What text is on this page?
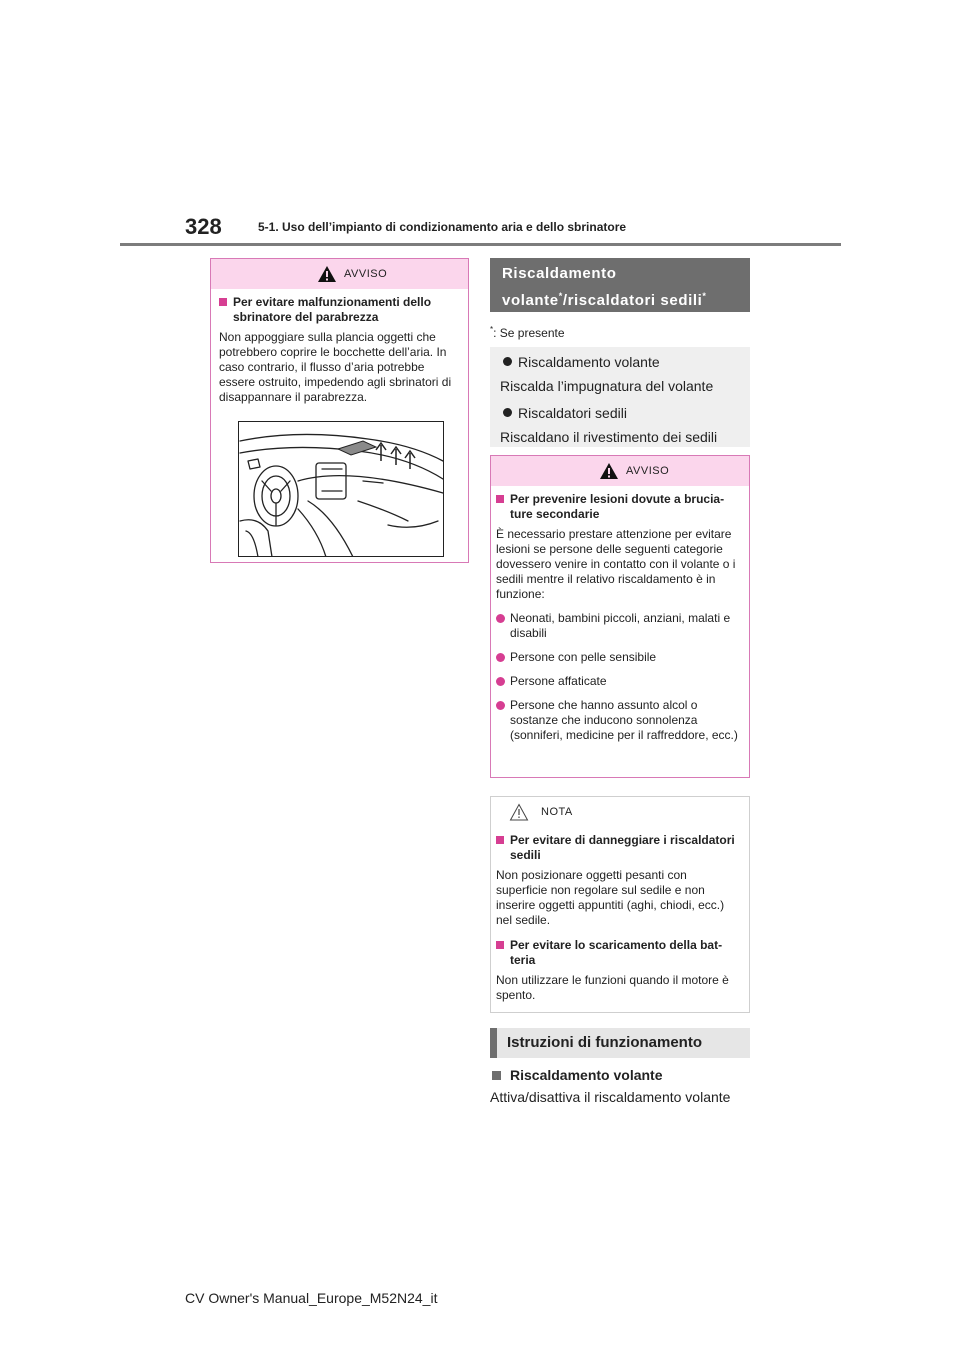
328	5-1. Uso dell’impianto di condizionamento aria e dello sbrinatore
AVVISO
Per evitare malfunzionamenti dello sbrinatore del parabrezza
Non appoggiare sulla plancia oggetti che potrebbero coprire le bocchette dell’aria. In caso contrario, il flusso d’aria potrebbe essere ostruito, impedendo agli sbrinatori di disappannare il parabrezza.
Riscaldamento
volante*/riscaldatori sedili*
*: Se presente
Riscaldamento volante
Riscalda l’impugnatura del volante
Riscaldatori sedili
Riscaldano il rivestimento dei sedili
AVVISO
Per prevenire lesioni dovute a bruciature secondarie
È necessario prestare attenzione per evitare lesioni se persone delle seguenti categorie dovessero venire in contatto con il volante o i sedili mentre il relativo riscaldamento è in funzione:
Neonati, bambini piccoli, anziani, malati e disabili
Persone con pelle sensibile
Persone affaticate
Persone che hanno assunto alcol o sostanze che inducono sonnolenza (sonniferi, medicine per il raffreddore, ecc.)
NOTA
Per evitare di danneggiare i riscaldatori sedili
Non posizionare oggetti pesanti con superficie non regolare sul sedile e non inserire oggetti appuntiti (aghi, chiodi, ecc.) nel sedile.
Per evitare lo scaricamento della batteria
Non utilizzare le funzioni quando il motore è spento.
Istruzioni di funzionamento
Riscaldamento volante
Attiva/disattiva il riscaldamento volante
CV Owner's Manual_Europe_M52N24_it
